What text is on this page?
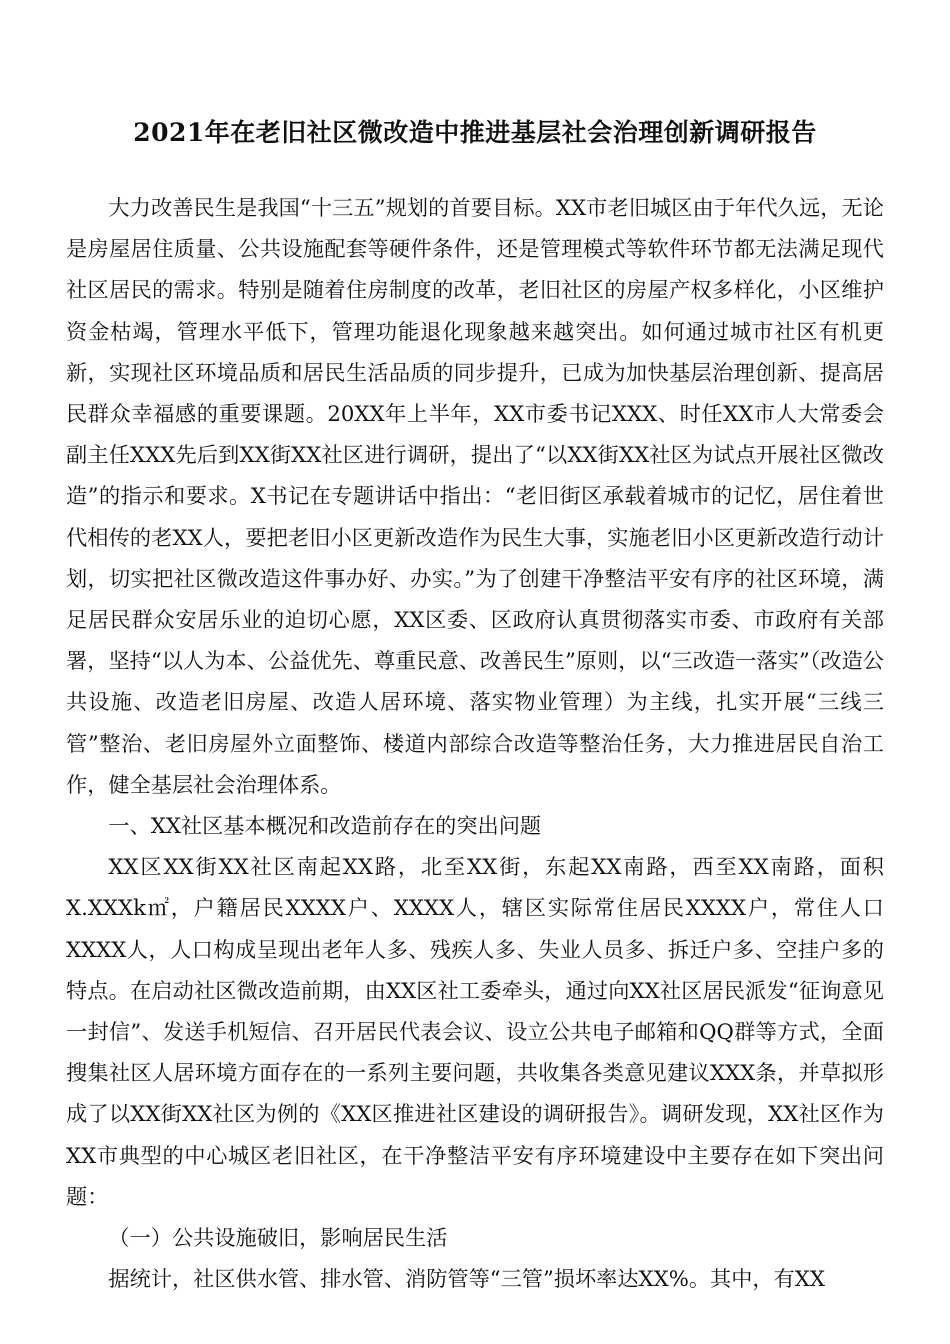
2021年在老旧社区微改造中推进基层社会治理创新调研报告

大力改善民生是我国“十三五”规划的首要目标。XX市老旧城区由于年代久远，无论是房屋居住质量、公共设施配套等硬件条件，还是管理模式等软件环节都无法满足现代社区居民的需求。特别是随着住房制度的改革，老旧社区的房屋产权多样化，小区维护资金枯竭，管理水平低下，管理功能退化现象越来越突出。如何通过城市社区有机更新，实现社区环境品质和居民生活品质的同步提升，已成为加快基层治理创新、提高居民群众幸福感的重要课题。20XX年上半年，XX市委书记XXX、时任XX市人大常委会副主任XXX先后到XX街XX社区进行调研，提出了“以XX街XX社区为试点开展社区微改造”的指示和要求。X书记在专题讲话中指出：“老旧街区承载着城市的记忆，居住着世代相传的老XX人，要把老旧小区更新改造作为民生大事，实施老旧小区更新改造行动计划，切实把社区微改造这件事办好、办实。”为了创建干净整洁平安有序的社区环境，满足居民群众安居乐业的迫切心愿，XX区委、区政府认真贯彻落实市委、市政府有关部署，坚持“以人为本、公益优先、尊重民意、改善民生”原则，以“三改造一落实”（改造公共设施、改造老旧房屋、改造人居环境、落实物业管理）为主线，扎实开展“三线三管”整治、老旧房屋外立面整饰、楼道内部综合改造等整治任务，大力推进居民自治工作，健全基层社会治理体系。

一、XX社区基本概况和改造前存在的突出问题

XX区XX街XX社区南起XX路，北至XX街，东起XX南路，西至XX南路，面积X.XXXk㎡，户籍居民XXXX户、XXXX人，辖区实际常住居民XXXX户，常住人口XXXX人，人口构成呈现出老年人多、残疾人多、失业人员多、拆迁户多、空挂户多的特点。在启动社区微改造前期，由XX区社工委牵头，通过向XX社区居民派发“征询意见一封信”、发送手机短信、召开居民代表会议、设立公共电子邮箱和QQ群等方式，全面搜集社区人居环境方面存在的一系列主要问题，共收集各类意见建议XXX条，并草拟形成了以XX街XX社区为例的《XX区推进社区建设的调研报告》。调研发现，XX社区作为XX市典型的中心城区老旧社区，在干净整洁平安有序环境建设中主要存在如下突出问题：

（一）公共设施破旧，影响居民生活

据统计，社区供水管、排水管、消防管等“三管”损坏率达XX%。其中，有XX
